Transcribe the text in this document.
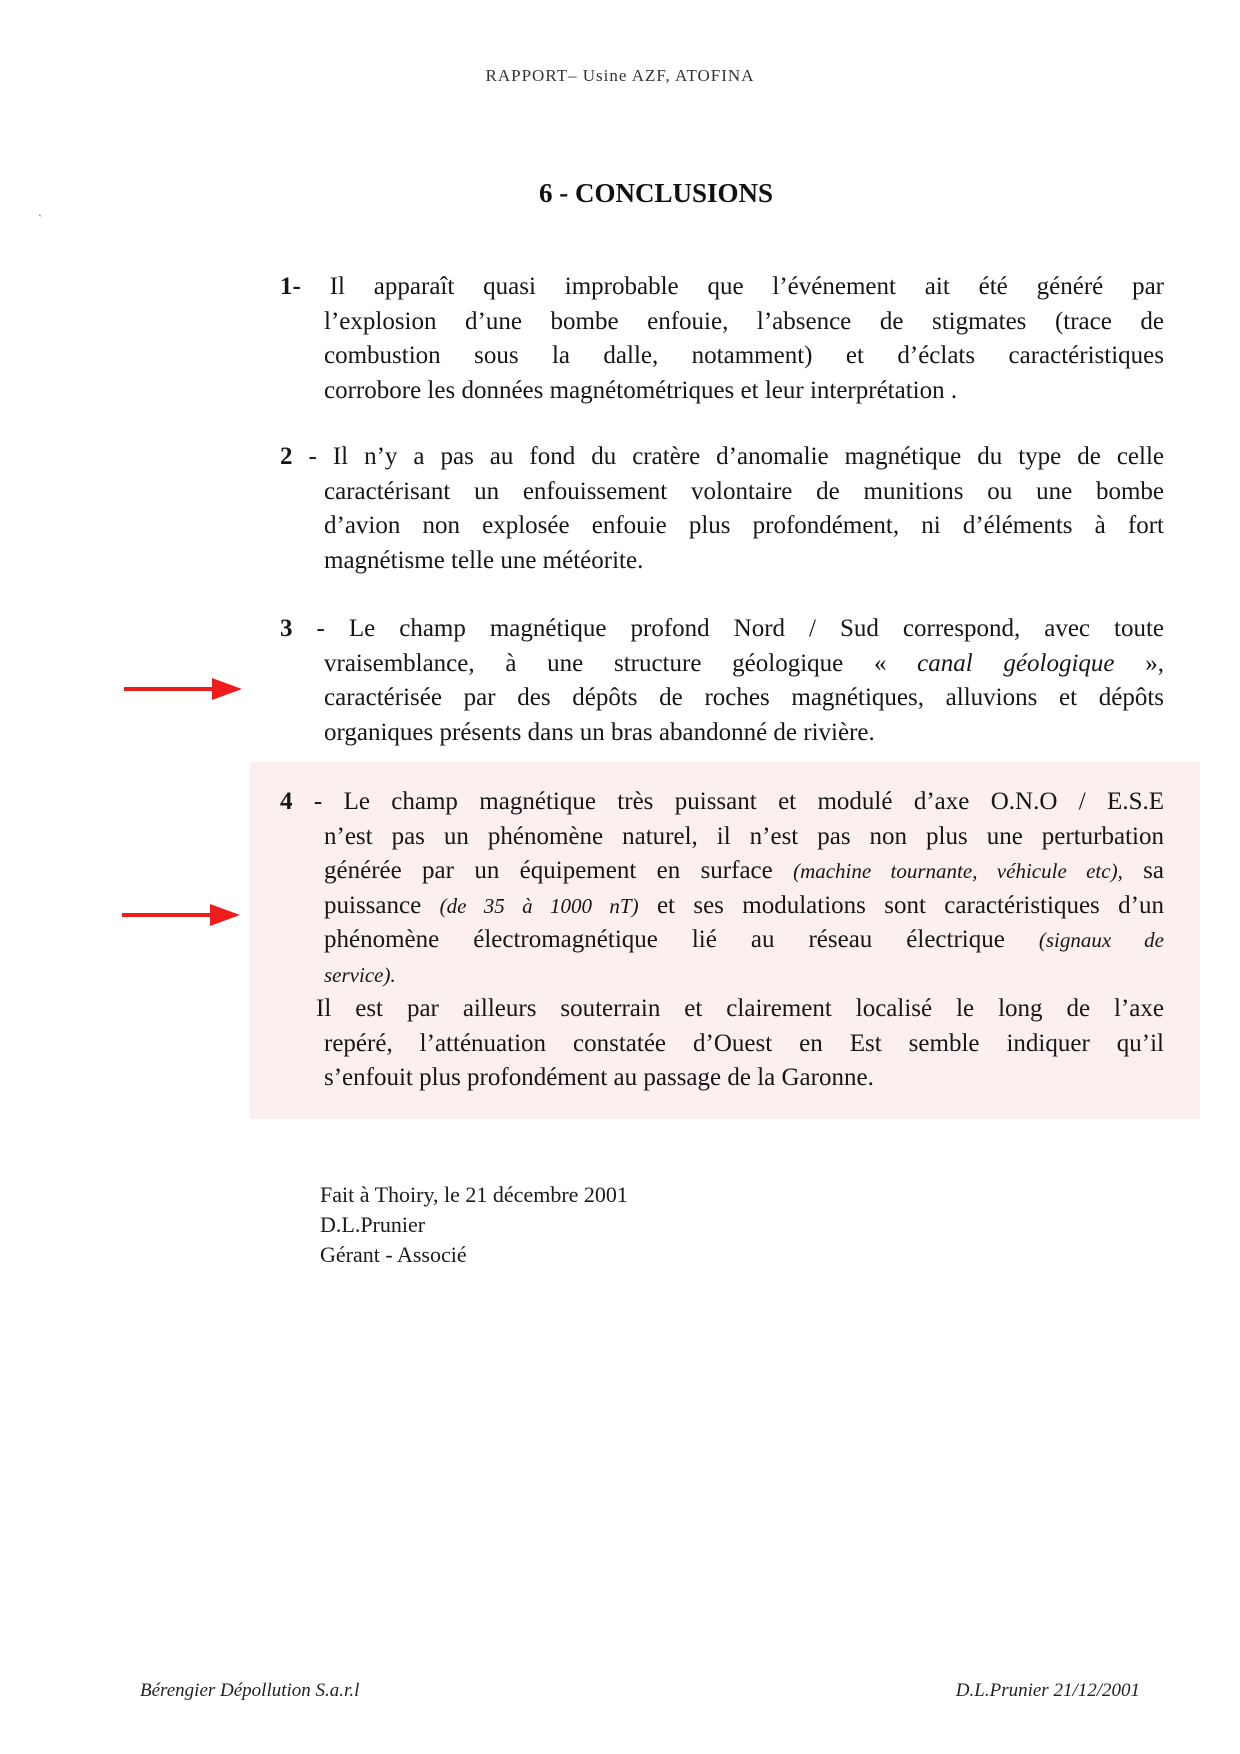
RAPPORT– Usine AZF, ATOFINA
`
6 - CONCLUSIONS
1- Il apparaît quasi improbable que l’événement ait été généré par
l’explosion d’une bombe enfouie, l’absence de stigmates (trace de
combustion sous la dalle, notamment) et d’éclats caractéristiques
corrobore les données magnétométriques et leur interprétation .
2 - Il n’y a pas au fond du cratère d’anomalie magnétique du type de celle
caractérisant un enfouissement volontaire de munitions ou une bombe
d’avion non explosée enfouie plus profondément, ni d’éléments à fort
magnétisme telle une météorite.
3 - Le champ magnétique profond Nord / Sud correspond, avec toute
vraisemblance, à une structure géologique « canal géologique »,
caractérisée par des dépôts de roches magnétiques, alluvions et dépôts
organiques présents dans un bras abandonné de rivière.
4 - Le champ magnétique très puissant et modulé d’axe O.N.O / E.S.E
n’est pas un phénomène naturel, il n’est pas non plus une perturbation
générée par un équipement en surface (machine tournante, véhicule etc), sa
puissance (de 35 à 1000 nT) et ses modulations sont caractéristiques d’un
phénomène électromagnétique lié au réseau électrique (signaux de
service).
Il est par ailleurs souterrain et clairement localisé le long de l’axe
repéré, l’atténuation constatée d’Ouest en Est semble indiquer qu’il
s’enfouit plus profondément au passage de la Garonne.
Fait à Thoiry, le 21 décembre 2001
D.L.Prunier
Gérant - Associé
Bérengier Dépollution S.a.r.l	D.L.Prunier 21/12/2001
